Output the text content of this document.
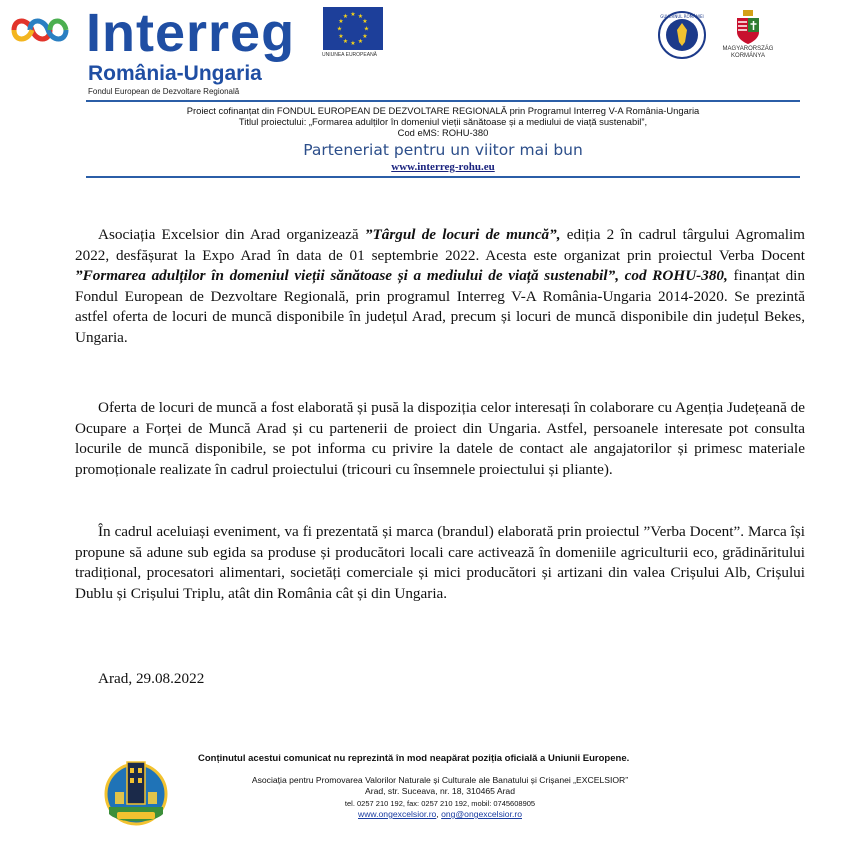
Interreg
România-Ungaria
Fondul European de Dezvoltare Regională
★ ★
★
★
★
★
★
★
★
★
★
★
UNIUNEA EUROPEANĂ
GUVERNUL ROMÂNIEI
MAGYARORSZÁG
KORMÁNYA
Proiect cofinanțat din FONDUL EUROPEAN DE DEZVOLTARE REGIONALĂ prin Programul Interreg V-A România-Ungaria
Titlul proiectului: „Formarea adulților în domeniul vieții sănătoase și a mediului de viață sustenabil”,
Cod eMS: ROHU-380
Parteneriat pentru un viitor mai bun
www.interreg-rohu.eu
Asociația Excelsior din Arad organizează ”Târgul de locuri de muncă”, ediția 2 în cadrul târgului Agromalim 2022, desfășurat la Expo Arad în data de 01 septembrie 2022. Acesta este organizat prin proiectul Verba Docent ”Formarea adulților în domeniul vieții sănătoase și a mediului de viață sustenabil”, cod ROHU-380, finanțat din Fondul European de Dezvoltare Regională, prin programul Interreg V-A România-Ungaria 2014-2020. Se prezintă astfel oferta de locuri de muncă disponibile în județul Arad, precum și locuri de muncă disponibile din județul Bekes, Ungaria.
Oferta de locuri de muncă a fost elaborată și pusă la dispoziția celor interesați în colaborare cu Agenția Județeană de Ocupare a Forței de Muncă Arad și cu partenerii de proiect din Ungaria. Astfel, persoanele interesate pot consulta locurile de muncă disponibile, se pot informa cu privire la datele de contact ale angajatorilor și primesc materiale promoționale realizate în cadrul proiectului (tricouri cu însemnele proiectului și pliante).
În cadrul aceluiași eveniment, va fi prezentată și marca (brandul) elaborată prin proiectul ”Verba Docent”. Marca își propune să adune sub egida sa produse și producători locali care activează în domeniile agriculturii eco, grădinăritului tradițional, procesatori alimentari, societăți comerciale și mici producători și artizani din valea Crișului Alb, Crișului Dublu și Crișului Triplu, atât din România cât și din Ungaria.
Arad, 29.08.2022
Conținutul acestui comunicat nu reprezintă în mod neapărat poziția oficială a Uniunii Europene.
Asociația pentru Promovarea Valorilor Naturale și Culturale ale Banatului și Crișanei „EXCELSIOR”
Arad, str. Suceava, nr. 18, 310465 Arad
tel. 0257 210 192, fax: 0257 210 192, mobil: 0745608905
www.ongexcelsior.ro, ong@ongexcelsior.ro
